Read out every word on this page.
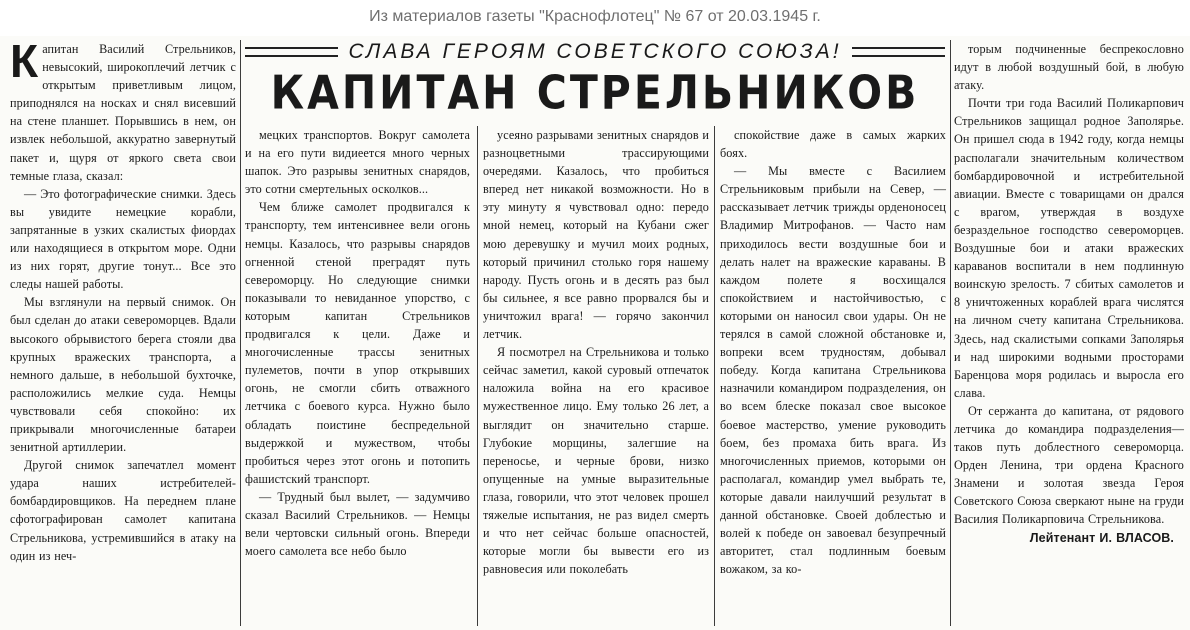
Из материалов газеты "Краснофлотец" № 67 от 20.03.1945 г.
СЛАВА ГЕРОЯМ СОВЕТСКОГО СОЮЗА!
КАПИТАН СТРЕЛЬНИКОВ

Капитан Василий Стрельников, невысокий, широкоплечий летчик с открытым приветливым лицом, приподнялся на носках и снял висевший на стене планшет. Порывшись в нем, он извлек небольшой, аккуратно завернутый пакет и, щуря от яркого света свои темные глаза, сказал:

— Это фотографические снимки. Здесь вы увидите немецкие корабли, запрятанные в узких скалистых фиордах или находящиеся в открытом море. Одни из них горят, другие тонут... Все это следы нашей работы.

Мы взглянули на первый снимок. Он был сделан до атаки североморцев. Вдали высокого обрывистого берега стояли два крупных вражеских транспорта, а немного дальше, в небольшой бухточке, расположились мелкие суда. Немцы чувствовали себя спокойно: их прикрывали многочисленные батареи зенитной артиллерии.

Другой снимок запечатлел момент удара наших истребителей-бомбардировщиков. На переднем плане сфотографирован самолет капитана Стрельникова, устремившийся в атаку на один из неч-

мецких транспортов. Вокруг самолета и на его пути видиеется много черных шапок. Это разрывы зенитных снарядов, это сотни смертельных осколков...

Чем ближе самолет продвигался к транспорту, тем интенсивнее вели огонь немцы. Казалось, что разрывы снарядов огненной стеной преградят путь североморцу. Но следующие снимки показывали то невиданное упорство, с которым капитан Стрельников продвигался к цели. Даже и многочисленные трассы зенитных пулеметов, почти в упор открывших огонь, не смогли сбить отважного летчика с боевого курса. Нужно было обладать поистине беспредельной выдержкой и мужеством, чтобы пробиться через этот огонь и потопить фашистский транспорт.

— Трудный был вылет, — задумчиво сказал Василий Стрельников. — Немцы вели чертовски сильный огонь. Впереди моего самолета все небо было

усеяно разрывами зенитных снарядов и разноцветными трассирующими очередями. Казалось, что пробиться вперед нет никакой возможности. Но в эту минуту я чувствовал одно: передо мной немец, который на Кубани сжег мою деревушку и мучил моих родных, который причинил столько горя нашему народу. Пусть огонь и в десять раз был бы сильнее, я все равно прорвался бы и уничтожил врага! — горячо закончил летчик.

Я посмотрел на Стрельникова и только сейчас заметил, какой суровый отпечаток наложила война на его красивое мужественное лицо. Ему только 26 лет, а выглядит он значительно старше. Глубокие морщины, залегшие на переносье, и черные брови, низко опущенные на умные выразительные глаза, говорили, что этот человек прошел тяжелые испытания, не раз видел смерть и что нет сейчас больше опасностей, которые могли бы вывести его из равновесия или поколебать

спокойствие даже в самых жарких боях.

— Мы вместе с Василием Стрельниковым прибыли на Север, — рассказывает летчик трижды орденоносец Владимир Митрофанов. — Часто нам приходилось вести воздушные бои и делать налет на вражеские караваны. В каждом полете я восхищался спокойствием и настойчивостью, с которыми он наносил свои удары. Он не терялся в самой сложной обстановке и, вопреки всем трудностям, добывал победу. Когда капитана Стрельникова назначили командиром подразделения, он во всем блеске показал свое высокое боевое мастерство, умение руководить боем, без промаха бить врага. Из многочисленных приемов, которыми он располагал, командир умел выбрать те, которые давали наилучший результат в данной обстановке. Своей доблестью и волей к победе он завоевал безупречный авторитет, стал подлинным боевым вожаком, за ко-

торым подчиненные беспрекословно идут в любой воздушный бой, в любую атаку.

Почти три года Василий Поликарпович Стрельников защищал родное Заполярье. Он пришел сюда в 1942 году, когда немцы располагали значительным количеством бомбардировочной и истребительной авиации. Вместе с товарищами он дрался с врагом, утверждая в воздухе безраздельное господство североморцев. Воздушные бои и атаки вражеских караванов воспитали в нем подлинную воинскую зрелость. 7 сбитых самолетов и 8 уничтоженных кораблей врага числятся на личном счету капитана Стрельникова. Здесь, над скалистыми сопками Заполярья и над широкими водными просторами Баренцова моря родилась и выросла его слава.

От сержанта до капитана, от рядового летчика до командира подразделения—таков путь доблестного североморца. Орден Ленина, три ордена Красного Знамени и золотая звезда Героя Советского Союза сверкают ныне на груди Василия Поликарповича Стрельникова.

Лейтенант И. ВЛАСОВ.
